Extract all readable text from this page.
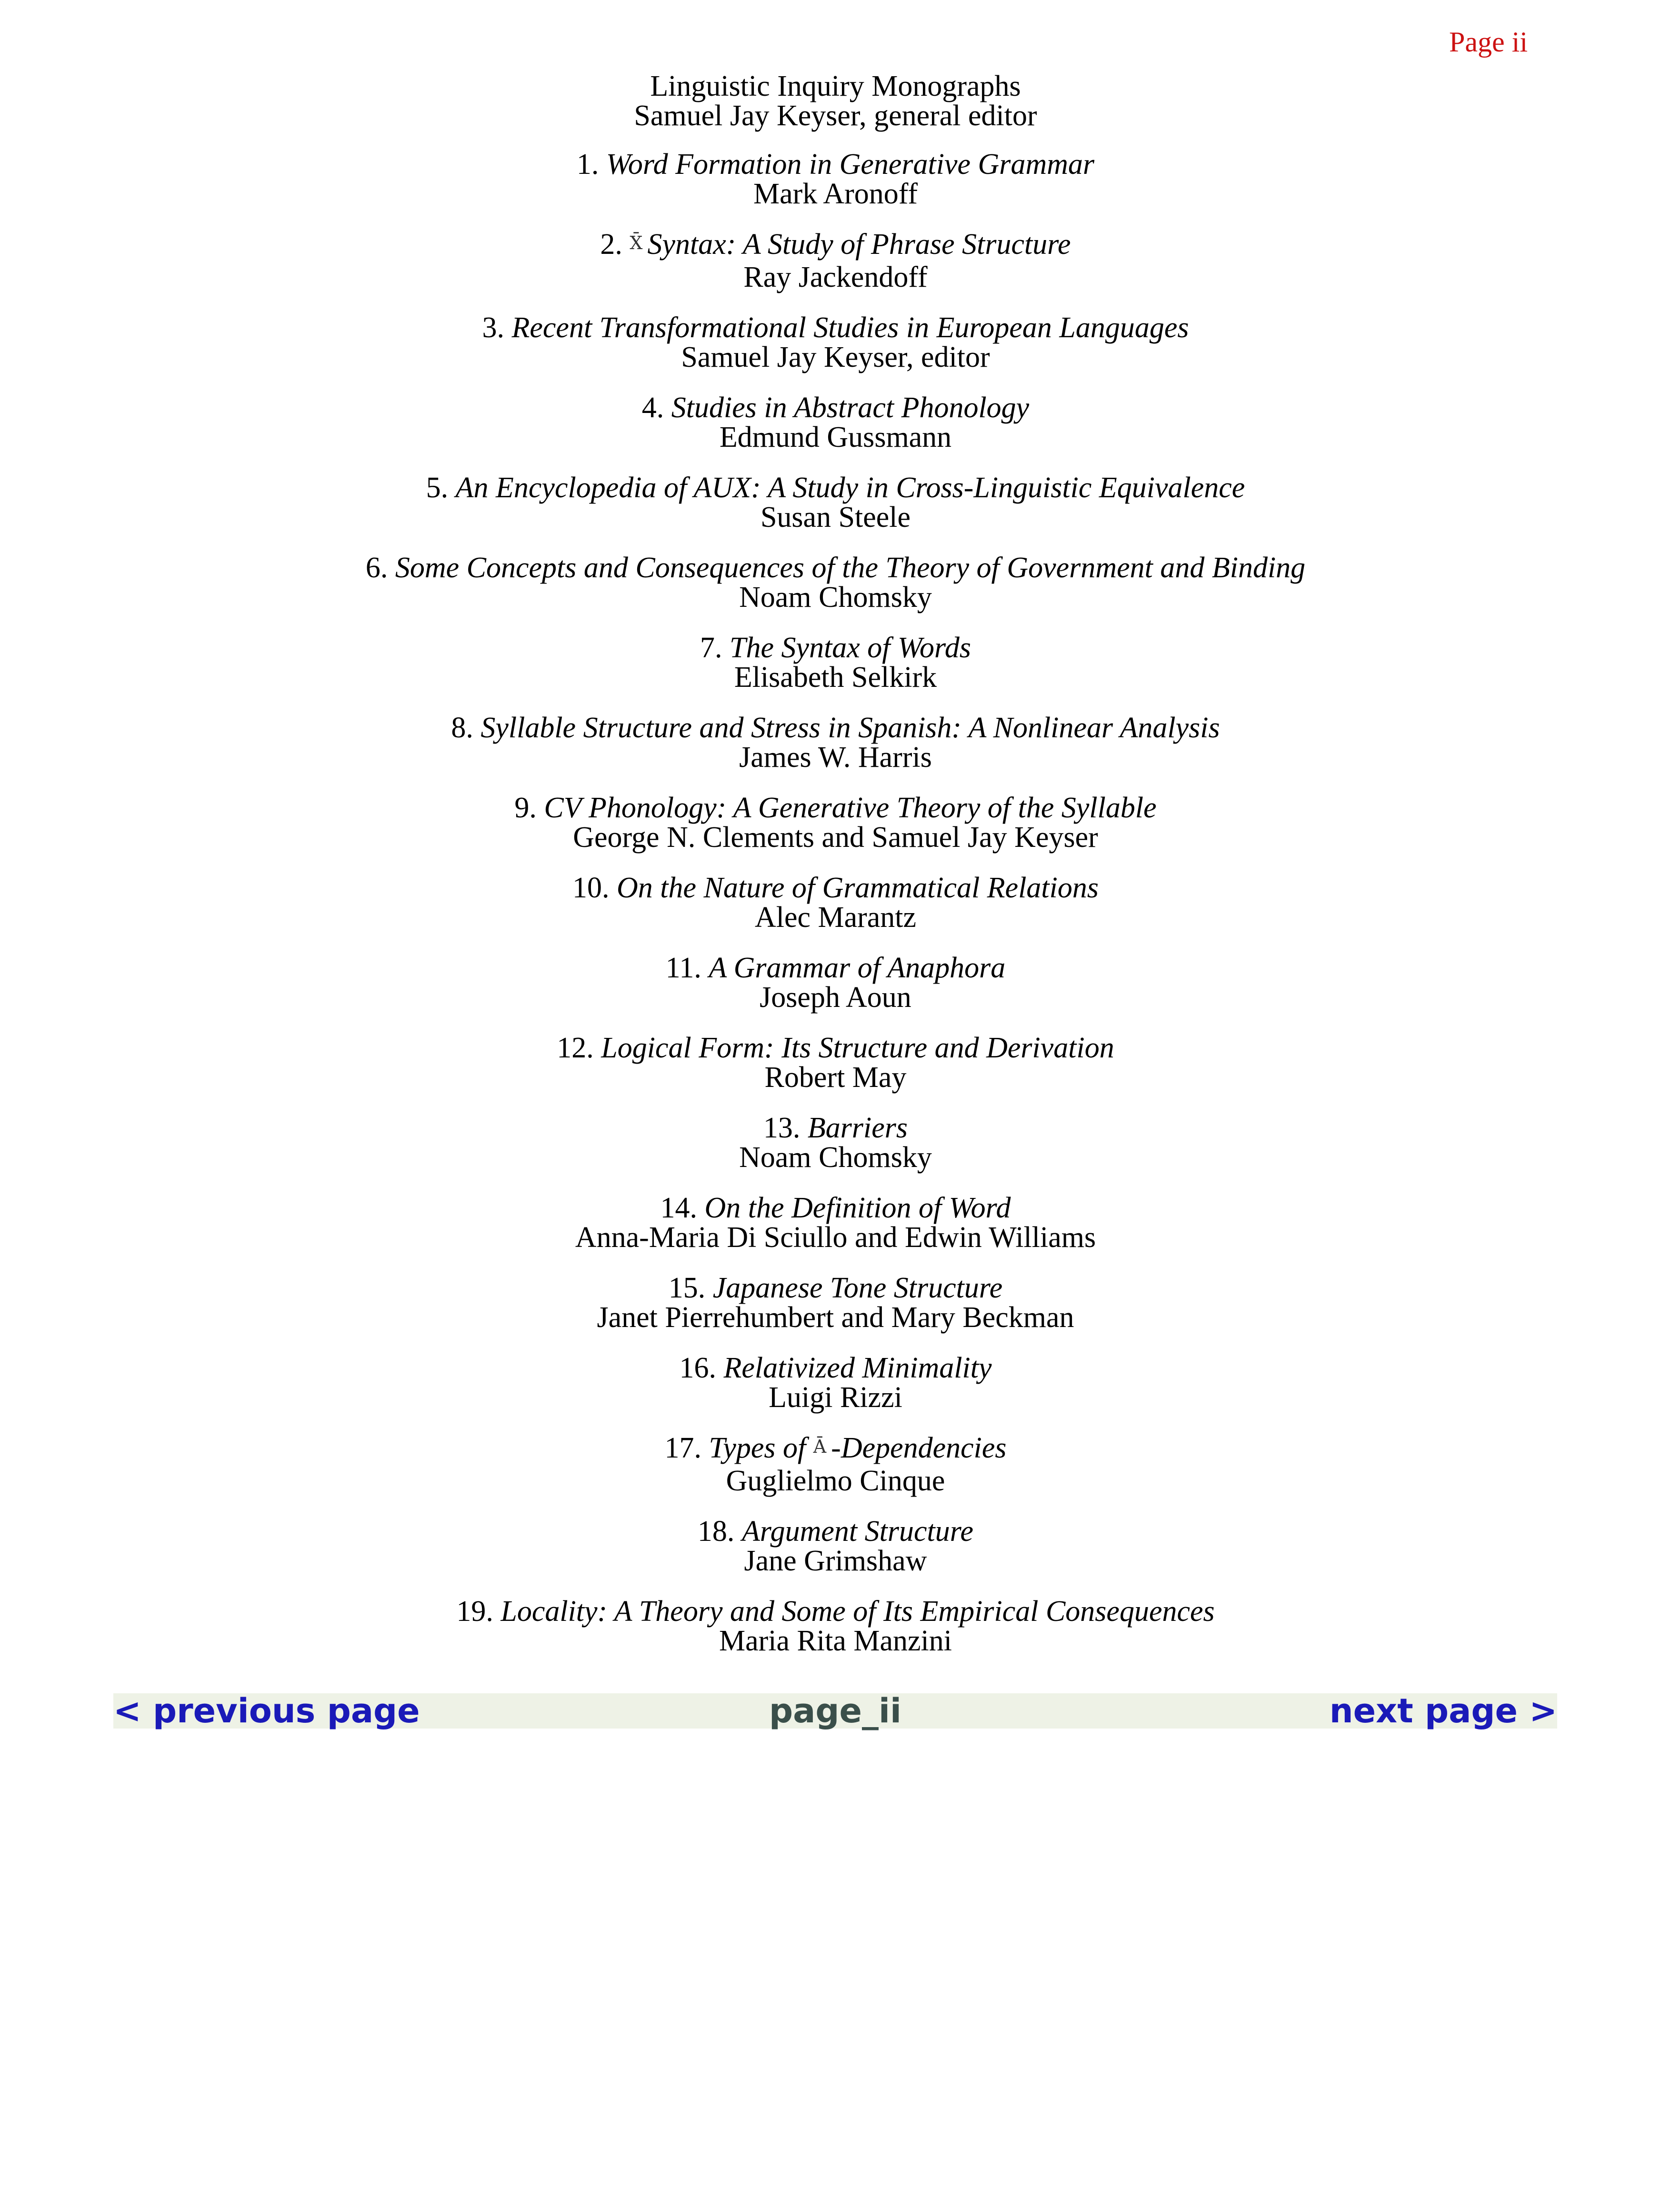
Page ii
Linguistic Inquiry Monographs
Samuel Jay Keyser, general editor
1. Word Formation in Generative Grammar
Mark Aronoff
2. X̄ Syntax: A Study of Phrase Structure
Ray Jackendoff
3. Recent Transformational Studies in European Languages
Samuel Jay Keyser, editor
4. Studies in Abstract Phonology
Edmund Gussmann
5. An Encyclopedia of AUX: A Study in Cross-Linguistic Equivalence
Susan Steele
6. Some Concepts and Consequences of the Theory of Government and Binding
Noam Chomsky
7. The Syntax of Words
Elisabeth Selkirk
8. Syllable Structure and Stress in Spanish: A Nonlinear Analysis
James W. Harris
9. CV Phonology: A Generative Theory of the Syllable
George N. Clements and Samuel Jay Keyser
10. On the Nature of Grammatical Relations
Alec Marantz
11. A Grammar of Anaphora
Joseph Aoun
12. Logical Form: Its Structure and Derivation
Robert May
13. Barriers
Noam Chomsky
14. On the Definition of Word
Anna-Maria Di Sciullo and Edwin Williams
15. Japanese Tone Structure
Janet Pierrehumbert and Mary Beckman
16. Relativized Minimality
Luigi Rizzi
17. Types of Ā -Dependencies
Guglielmo Cinque
18. Argument Structure
Jane Grimshaw
19. Locality: A Theory and Some of Its Empirical Consequences
Maria Rita Manzini
page_ii
< previous page	next page >
